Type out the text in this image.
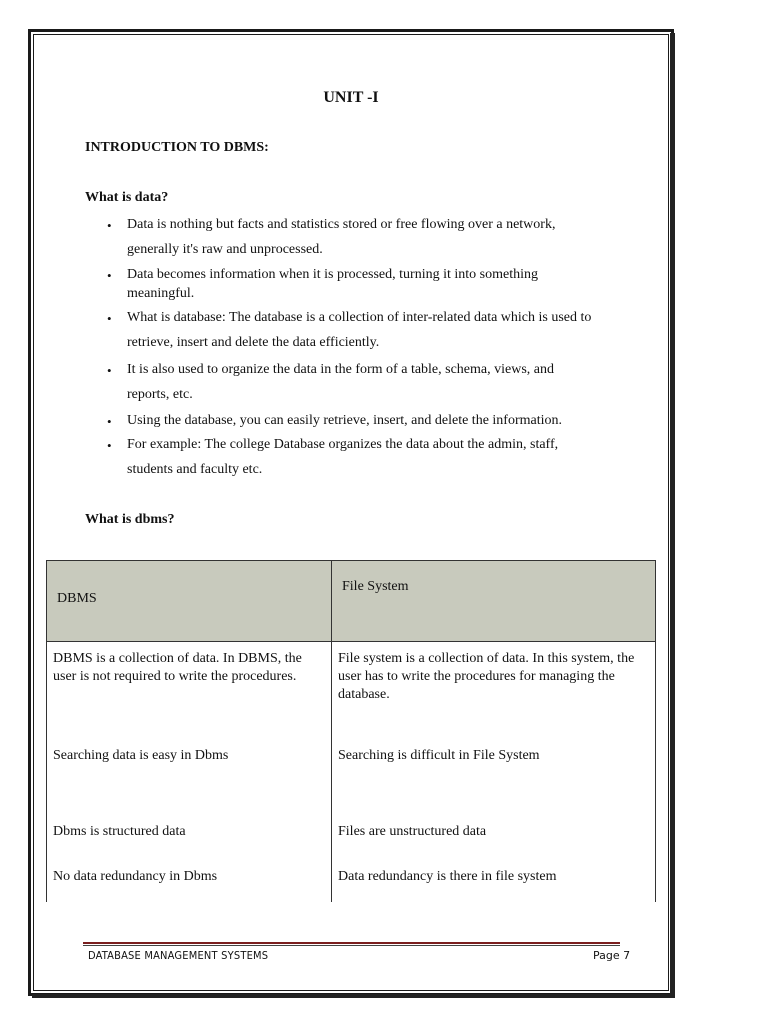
UNIT -I
INTRODUCTION TO DBMS:
What is data?
• Data is nothing but facts and statistics stored or free flowing over a network,
generally it's raw and unprocessed.
• Data becomes information when it is processed, turning it into something
meaningful.
• What is database: The database is a collection of inter-related data which is used to
retrieve, insert and delete the data efficiently.
• It is also used to organize the data in the form of a table, schema, views, and
reports, etc.
• Using the database, you can easily retrieve, insert, and delete the information.
• For example: The college Database organizes the data about the admin, staff,
students and faculty etc.
What is dbms?
DBMS	File System

DBMS is a collection of data. In DBMS, the user is not required to write the procedures.	File system is a collection of data. In this system, the user has to write the procedures for managing the database.

Searching data is easy in Dbms	Searching is difficult in File System

Dbms is structured data	Files are unstructured data

No data redundancy in Dbms	Data redundancy is there in file system
DATABASE MANAGEMENT SYSTEMS	Page 7
